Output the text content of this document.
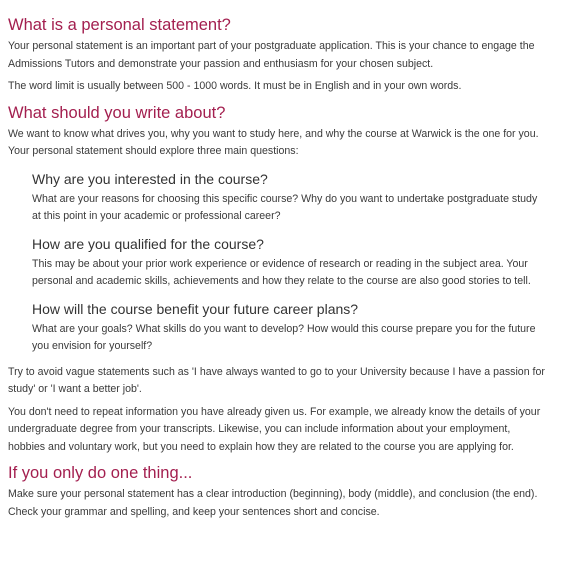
What is a personal statement?

Your personal statement is an important part of your postgraduate application. This is your chance to engage the Admissions Tutors and demonstrate your passion and enthusiasm for your chosen subject.

The word limit is usually between 500 - 1000 words. It must be in English and in your own words.

What should you write about?

We want to know what drives you, why you want to study here, and why the course at Warwick is the one for you. Your personal statement should explore three main questions:

Why are you interested in the course?

What are your reasons for choosing this specific course? Why do you want to undertake postgraduate study at this point in your academic or professional career?

How are you qualified for the course?

This may be about your prior work experience or evidence of research or reading in the subject area. Your personal and academic skills, achievements and how they relate to the course are also good stories to tell.

How will the course benefit your future career plans?

What are your goals? What skills do you want to develop? How would this course prepare you for the future you envision for yourself?

Try to avoid vague statements such as 'I have always wanted to go to your University because I have a passion for study' or 'I want a better job'.

You don't need to repeat information you have already given us. For example, we already know the details of your undergraduate degree from your transcripts. Likewise, you can include information about your employment, hobbies and voluntary work, but you need to explain how they are related to the course you are applying for.

If you only do one thing...

Make sure your personal statement has a clear introduction (beginning), body (middle), and conclusion (the end). Check your grammar and spelling, and keep your sentences short and concise.
